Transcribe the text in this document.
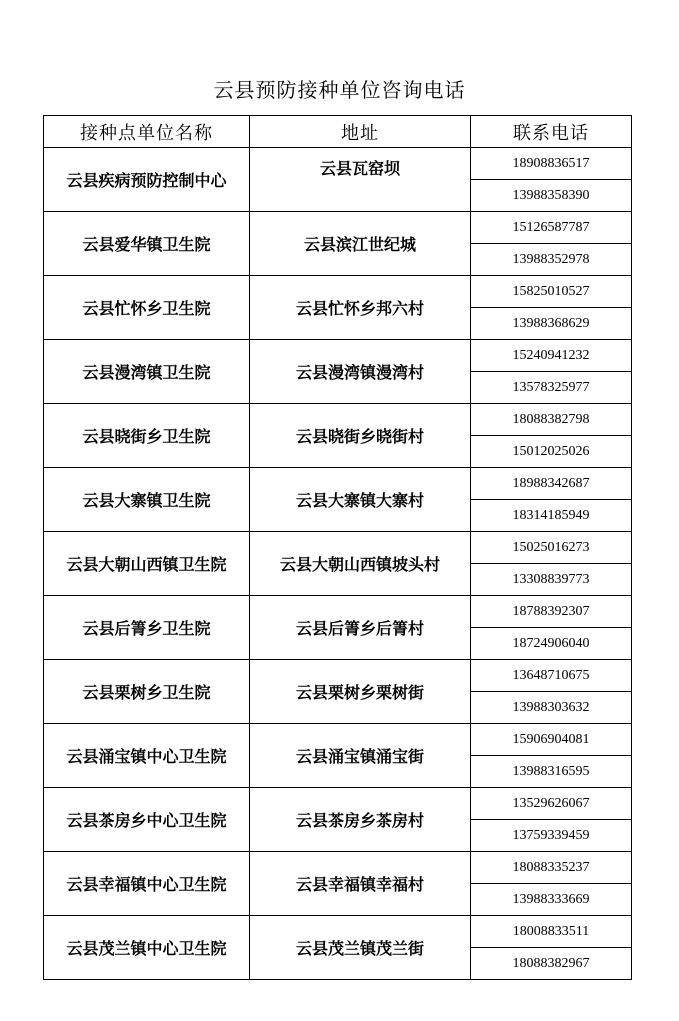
云县预防接种单位咨询电话
接种点单位名称	地址	联系电话
云县疾病预防控制中心	云县瓦窑坝	18908836517
		13988358390
云县爱华镇卫生院	云县滨江世纪城	15126587787
		13988352978
云县忙怀乡卫生院	云县忙怀乡邦六村	15825010527
		13988368629
云县漫湾镇卫生院	云县漫湾镇漫湾村	15240941232
		13578325977
云县晓街乡卫生院	云县晓街乡晓街村	18088382798
		15012025026
云县大寨镇卫生院	云县大寨镇大寨村	18988342687
		18314185949
云县大朝山西镇卫生院	云县大朝山西镇坡头村	15025016273
		13308839773
云县后箐乡卫生院	云县后箐乡后箐村	18788392307
		18724906040
云县栗树乡卫生院	云县栗树乡栗树街	13648710675
		13988303632
云县涌宝镇中心卫生院	云县涌宝镇涌宝街	15906904081
		13988316595
云县茶房乡中心卫生院	云县茶房乡茶房村	13529626067
		13759339459
云县幸福镇中心卫生院	云县幸福镇幸福村	18088335237
		13988333669
云县茂兰镇中心卫生院	云县茂兰镇茂兰街	18008833511
		18088382967
